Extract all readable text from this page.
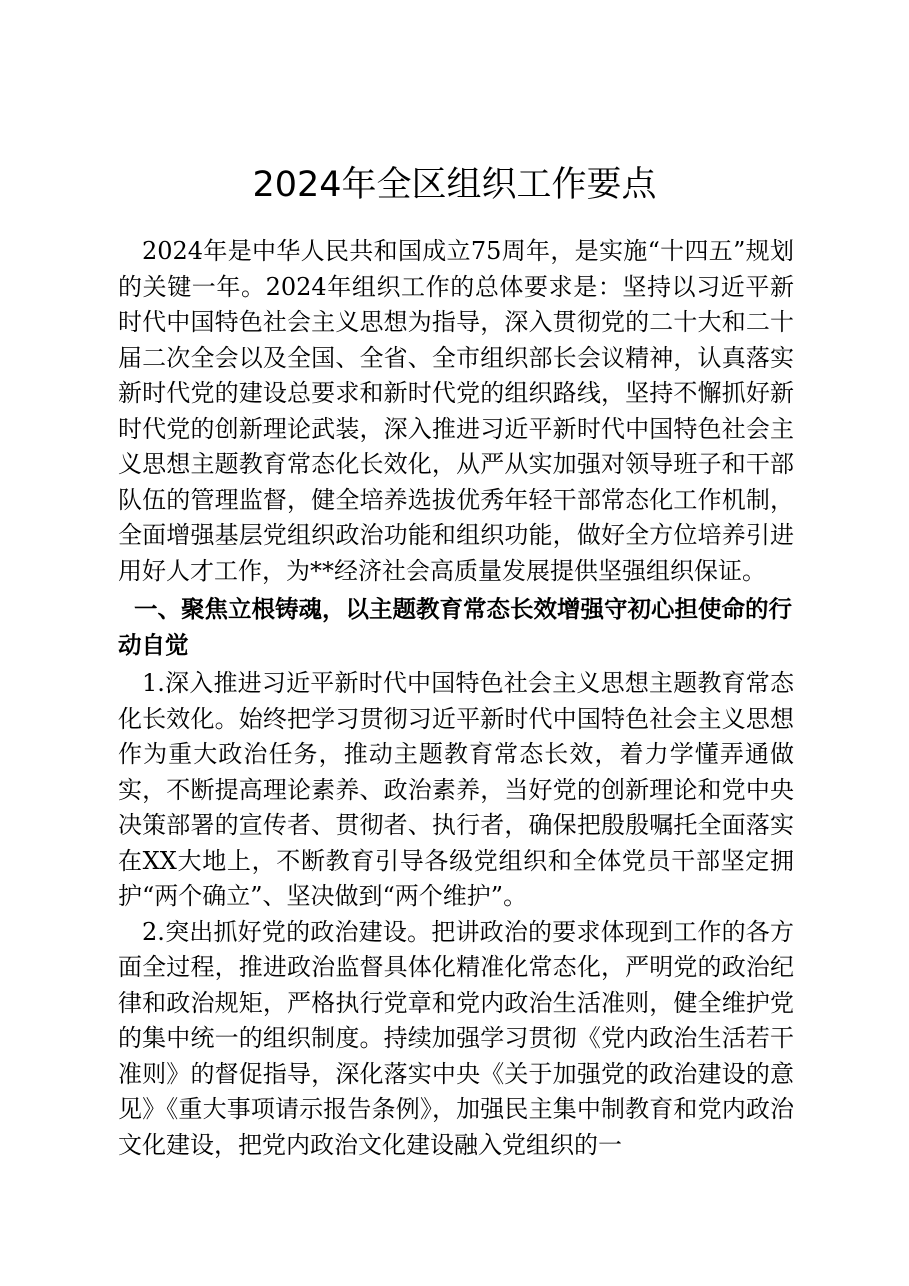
2024年全区组织工作要点

2024年是中华人民共和国成立75周年，是实施“十四五”规划的关键一年。2024年组织工作的总体要求是：坚持以习近平新时代中国特色社会主义思想为指导，深入贯彻党的二十大和二十届二次全会以及全国、全省、全市组织部长会议精神，认真落实新时代党的建设总要求和新时代党的组织路线，坚持不懈抓好新时代党的创新理论武装，深入推进习近平新时代中国特色社会主义思想主题教育常态化长效化，从严从实加强对领导班子和干部队伍的管理监督，健全培养选拔优秀年轻干部常态化工作机制，全面增强基层党组织政治功能和组织功能，做好全方位培养引进用好人才工作，为**经济社会高质量发展提供坚强组织保证。

一、聚焦立根铸魂，以主题教育常态长效增强守初心担使命的行动自觉

1.深入推进习近平新时代中国特色社会主义思想主题教育常态化长效化。始终把学习贯彻习近平新时代中国特色社会主义思想作为重大政治任务，推动主题教育常态长效，着力学懂弄通做实，不断提高理论素养、政治素养，当好党的创新理论和党中央决策部署的宣传者、贯彻者、执行者，确保把殷殷嘱托全面落实在XX大地上，不断教育引导各级党组织和全体党员干部坚定拥护“两个确立”、坚决做到“两个维护”。

2.突出抓好党的政治建设。把讲政治的要求体现到工作的各方面全过程，推进政治监督具体化精准化常态化，严明党的政治纪律和政治规矩，严格执行党章和党内政治生活准则，健全维护党的集中统一的组织制度。持续加强学习贯彻《党内政治生活若干准则》的督促指导，深化落实中央《关于加强党的政治建设的意见》《重大事项请示报告条例》，加强民主集中制教育和党内政治文化建设，把党内政治文化建设融入党组织的一
